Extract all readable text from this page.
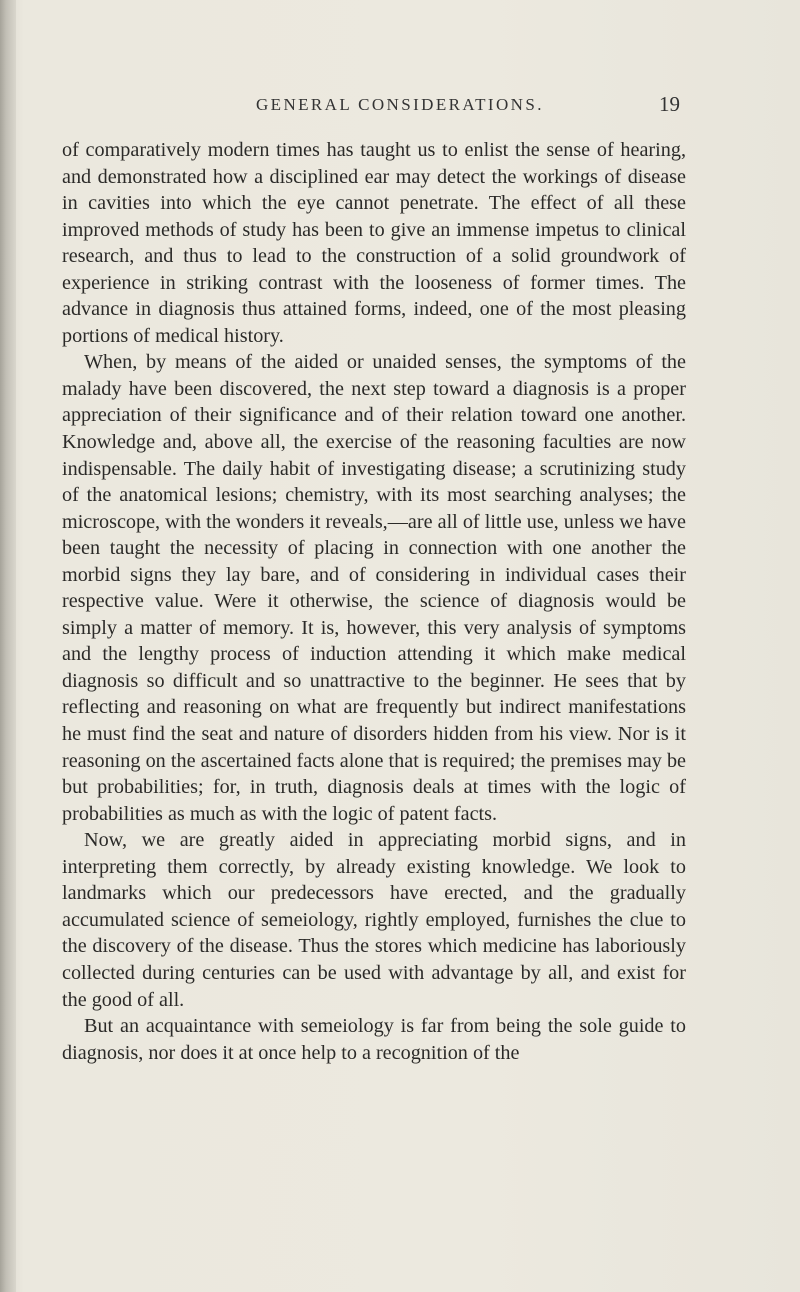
GENERAL CONSIDERATIONS.	19

of comparatively modern times has taught us to enlist the sense of hearing, and demonstrated how a disciplined ear may detect the workings of disease in cavities into which the eye cannot penetrate. The effect of all these improved methods of study has been to give an immense impetus to clinical research, and thus to lead to the construction of a solid groundwork of experience in striking contrast with the looseness of former times. The advance in diagnosis thus attained forms, indeed, one of the most pleasing portions of medical history.

When, by means of the aided or unaided senses, the symptoms of the malady have been discovered, the next step toward a diagnosis is a proper appreciation of their significance and of their relation toward one another. Knowledge and, above all, the exercise of the reasoning faculties are now indispensable. The daily habit of investigating disease; a scrutinizing study of the anatomical lesions; chemistry, with its most searching analyses; the microscope, with the wonders it reveals,—are all of little use, unless we have been taught the necessity of placing in connection with one another the morbid signs they lay bare, and of considering in individual cases their respective value. Were it otherwise, the science of diagnosis would be simply a matter of memory. It is, however, this very analysis of symptoms and the lengthy process of induction attending it which make medical diagnosis so difficult and so unattractive to the beginner. He sees that by reflecting and reasoning on what are frequently but indirect manifestations he must find the seat and nature of disorders hidden from his view. Nor is it reasoning on the ascertained facts alone that is required; the premises may be but probabilities; for, in truth, diagnosis deals at times with the logic of probabilities as much as with the logic of patent facts.

Now, we are greatly aided in appreciating morbid signs, and in interpreting them correctly, by already existing knowledge. We look to landmarks which our predecessors have erected, and the gradually accumulated science of semeiology, rightly employed, furnishes the clue to the discovery of the disease. Thus the stores which medicine has laboriously collected during centuries can be used with advantage by all, and exist for the good of all.

But an acquaintance with semeiology is far from being the sole guide to diagnosis, nor does it at once help to a recognition of the
